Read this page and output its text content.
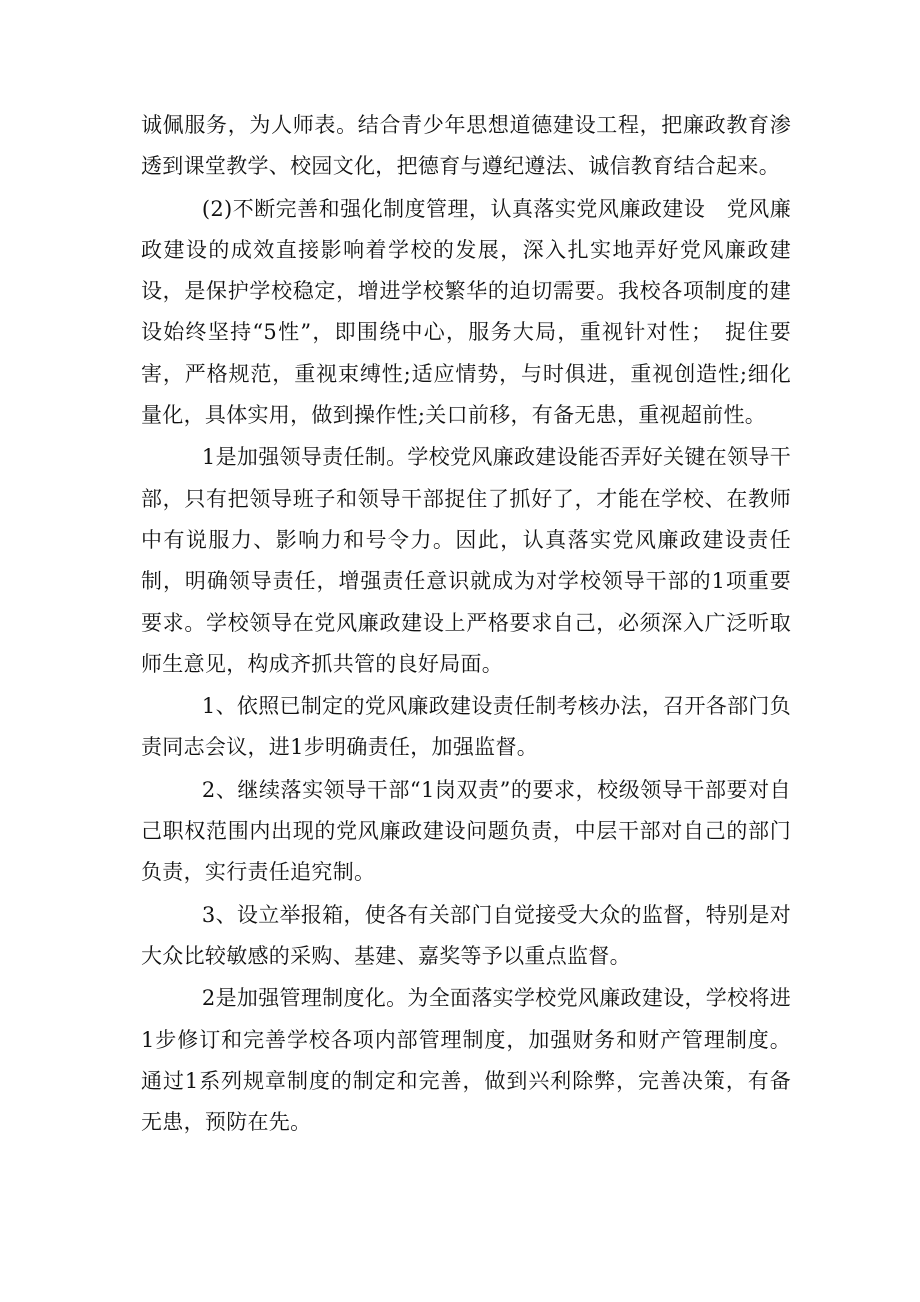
诚佩服务，为人师表。结合青少年思想道德建设工程，把廉政教育渗透到课堂教学、校园文化，把德育与遵纪遵法、诚信教育结合起来。

(2)不断完善和强化制度管理，认真落实党风廉政建设　党风廉政建设的成效直接影响着学校的发展，深入扎实地弄好党风廉政建设，是保护学校稳定，增进学校繁华的迫切需要。我校各项制度的建设始终坚持“5性”，即围绕中心，服务大局，重视针对性；　捉住要害，严格规范，重视束缚性;适应情势，与时俱进，重视创造性;细化量化，具体实用，做到操作性;关口前移，有备无患，重视超前性。

1是加强领导责任制。学校党风廉政建设能否弄好关键在领导干部，只有把领导班子和领导干部捉住了抓好了，才能在学校、在教师中有说服力、影响力和号令力。因此，认真落实党风廉政建设责任制，明确领导责任，增强责任意识就成为对学校领导干部的1项重要要求。学校领导在党风廉政建设上严格要求自己，必须深入广泛听取师生意见，构成齐抓共管的良好局面。

1、依照已制定的党风廉政建设责任制考核办法，召开各部门负责同志会议，进1步明确责任，加强监督。

2、继续落实领导干部“1岗双责”的要求，校级领导干部要对自己职权范围内出现的党风廉政建设问题负责，中层干部对自己的部门负责，实行责任追究制。

3、设立举报箱，使各有关部门自觉接受大众的监督，特别是对大众比较敏感的采购、基建、嘉奖等予以重点监督。

2是加强管理制度化。为全面落实学校党风廉政建设，学校将进1步修订和完善学校各项内部管理制度，加强财务和财产管理制度。通过1系列规章制度的制定和完善，做到兴利除弊，完善决策，有备无患，预防在先。
